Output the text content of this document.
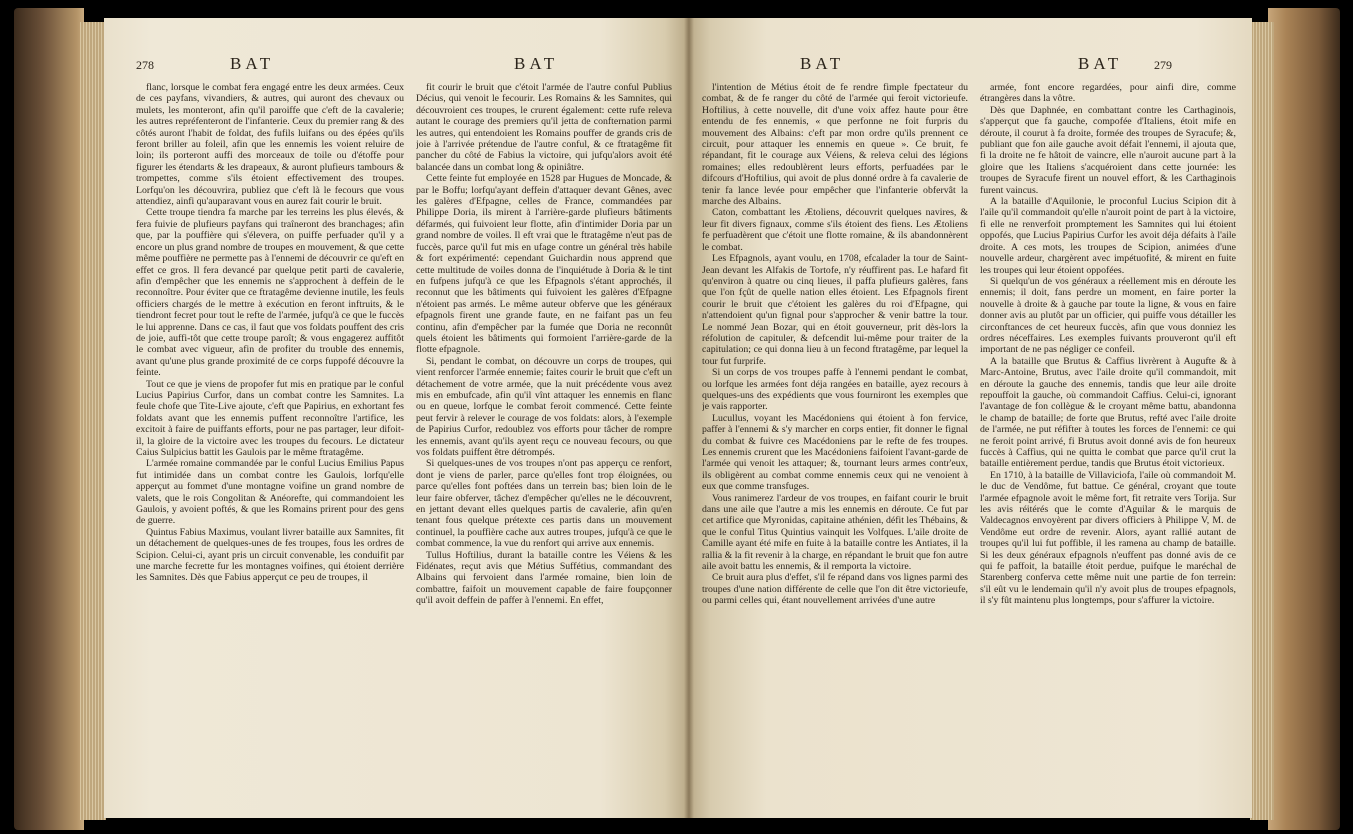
278	BAT	BAT

flanc, lorsque le combat fera engagé entre les deux armées. Ceux de ces payfans, vivandiers, & autres, qui auront des chevaux ou mulets, les monteront, afin qu'il paroiffe que c'eft de la cavalerie; les autres repréfenteront de l'infanterie. Ceux du premier rang & des côtés auront l'habit de foldat, des fufils luifans ou des épées qu'ils feront briller au foleil, afin que les ennemis les voient reluire de loin; ils porteront auffi des morceaux de toile ou d'étoffe pour figurer les étendarts & les drapeaux, & auront plufieurs tambours & trompettes, comme s'ils étoient effectivement des troupes. Lorfqu'on les découvrira, publiez que c'eft là le fecours que vous attendiez, ainfi qu'auparavant vous en aurez fait courir le bruit.

Cette troupe tiendra fa marche par les terreins les plus élevés, & fera fuivie de plufieurs payfans qui traîneront des branchages; afin que, par la pouffière qui s'élevera, on puiffe perfuader qu'il y a encore un plus grand nombre de troupes en mouvement, & que cette même pouffière ne permette pas à l'ennemi de découvrir ce qu'eft en effet ce gros. Il fera devancé par quelque petit parti de cavalerie, afin d'empêcher que les ennemis ne s'approchent à deffein de le reconnoître. Pour éviter que ce ftratagême devienne inutile, les feuls officiers chargés de le mettre à exécution en feront inftruits, & le tiendront fecret pour tout le refte de l'armée, jufqu'à ce que le fuccès le lui apprenne. Dans ce cas, il faut que vos foldats pouffent des cris de joie, auffi-tôt que cette troupe paroît; & vous engagerez auffitôt le combat avec vigueur, afin de profiter du trouble des ennemis, avant qu'une plus grande proximité de ce corps fuppofé découvre la feinte.

Tout ce que je viens de propofer fut mis en pratique par le conful Lucius Papirius Curfor, dans un combat contre les Samnites. La feule chofe que Tite-Live ajoute, c'eft que Papirius, en exhortant fes foldats avant que les ennemis puffent reconnoître l'artifice, les excitoit à faire de puiffants efforts, pour ne pas partager, leur difoit-il, la gloire de la victoire avec les troupes du fecours. Le dictateur Caius Sulpicius battit les Gaulois par le même ftratagême.

L'armée romaine commandée par le conful Lucius Emilius Papus fut intimidée dans un combat contre les Gaulois, lorfqu'elle apperçut au fommet d'une montagne voifine un grand nombre de valets, que le rois Congolitan & Anéorefte, qui commandoient les Gaulois, y avoient poftés, & que les Romains prirent pour des gens de guerre.

Quintus Fabius Maximus, voulant livrer bataille aux Samnites, fit un détachement de quelques-unes de fes troupes, fous les ordres de Scipion. Celui-ci, ayant pris un circuit convenable, les conduifit par une marche fecrette fur les montagnes voifines, qui étoient derrière les Samnites. Dès que Fabius apperçut ce peu de troupes, il

fit courir le bruit que c'étoit l'armée de l'autre conful Publius Décius, qui venoit le fecourir. Les Romains & les Samnites, qui découvroient ces troupes, le crurent également: cette rufe releva autant le courage des premiers qu'il jetta de confternation parmi les autres, qui entendoient les Romains pouffer de grands cris de joie à l'arrivée prétendue de l'autre conful, & ce ftratagême fit pancher du côté de Fabius la victoire, qui jufqu'alors avoit été balancée dans un combat long & opiniâtre.

Cette feinte fut employée en 1528 par Hugues de Moncade, & par le Boffu; lorfqu'ayant deffein d'attaquer devant Gênes, avec les galères d'Efpagne, celles de France, commandées par Philippe Doria, ils mirent à l'arrière-garde plufieurs bâtiments défarmés, qui fuivoient leur flotte, afin d'intimider Doria par un grand nombre de voiles. Il eft vrai que le ftratagême n'eut pas de fuccès, parce qu'il fut mis en ufage contre un général très habile & fort expérimenté: cependant Guichardin nous apprend que cette multitude de voiles donna de l'inquiétude à Doria & le tint en fufpens jufqu'à ce que les Efpagnols s'étant approchés, il reconnut que les bâtiments qui fuivoient les galères d'Efpagne n'étoient pas armés. Le même auteur obferve que les généraux efpagnols firent une grande faute, en ne faifant pas un feu continu, afin d'empêcher par la fumée que Doria ne reconnût quels étoient les bâtiments qui formoient l'arrière-garde de la flotte efpagnole.

Si, pendant le combat, on découvre un corps de troupes, qui vient renforcer l'armée ennemie; faites courir le bruit que c'eft un détachement de votre armée, que la nuit précédente vous avez mis en embufcade, afin qu'il vînt attaquer les ennemis en flanc ou en queue, lorfque le combat feroit commencé. Cette feinte peut fervir à relever le courage de vos foldats: alors, à l'exemple de Papirius Curfor, redoublez vos efforts pour tâcher de rompre les ennemis, avant qu'ils ayent reçu ce nouveau fecours, ou que vos foldats puiffent être détrompés.

Si quelques-unes de vos troupes n'ont pas apperçu ce renfort, dont je viens de parler, parce qu'elles font trop éloignées, ou parce qu'elles font poftées dans un terrein bas; bien loin de le leur faire obferver, tâchez d'empêcher qu'elles ne le découvrent, en jettant devant elles quelques partis de cavalerie, afin qu'en tenant fous quelque prétexte ces partis dans un mouvement continuel, la pouffière cache aux autres troupes, jufqu'à ce que le combat commence, la vue du renfort qui arrive aux ennemis.

Tullus Hoftilius, durant la bataille contre les Véiens & les Fidénates, reçut avis que Métius Suffétius, commandant des Albains qui fervoient dans l'armée romaine, bien loin de combattre, faifoit un mouvement capable de faire foupçonner qu'il avoit deffein de paffer à l'ennemi. En effet,

BAT	BAT	279

l'intention de Métius étoit de fe rendre fimple fpectateur du combat, & de fe ranger du côté de l'armée qui feroit victorieufe. Hoftilius, à cette nouvelle, dit d'une voix affez haute pour être entendu de fes ennemis, « que perfonne ne foit furpris du mouvement des Albains: c'eft par mon ordre qu'ils prennent ce circuit, pour attaquer les ennemis en queue ». Ce bruit, fe répandant, fit le courage aux Véiens, & releva celui des légions romaines; elles redoublèrent leurs efforts, perfuadées par le difcours d'Hoftilius, qui avoit de plus donné ordre à fa cavalerie de tenir fa lance levée pour empêcher que l'infanterie obfervât la marche des Albains.

Caton, combattant les Ætoliens, découvrit quelques navires, & leur fit divers fignaux, comme s'ils étoient des fiens. Les Ætoliens fe perfuadèrent que c'étoit une flotte romaine, & ils abandonnèrent le combat.

Les Efpagnols, ayant voulu, en 1708, efcalader la tour de Saint-Jean devant les Alfakis de Tortofe, n'y réuffirent pas. Le hafard fit qu'environ à quatre ou cinq lieues, il paffa plufieurs galères, fans que l'on fçût de quelle nation elles étoient. Les Efpagnols firent courir le bruit que c'étoient les galères du roi d'Efpagne, qui n'attendoient qu'un fignal pour s'approcher & venir battre la tour. Le nommé Jean Bozar, qui en étoit gouverneur, prit dès-lors la réfolution de capituler, & defcendit lui-même pour traiter de la capitulation; ce qui donna lieu à un fecond ftratagême, par lequel la tour fut furprife.

Si un corps de vos troupes paffe à l'ennemi pendant le combat, ou lorfque les armées font déja rangées en bataille, ayez recours à quelques-uns des expédients que vous fourniront les exemples que je vais rapporter.

Lucullus, voyant les Macédoniens qui étoient à fon fervice, paffer à l'ennemi & s'y marcher en corps entier, fit donner le fignal du combat & fuivre ces Macédoniens par le refte de fes troupes. Les ennemis crurent que les Macédoniens faifoient l'avant-garde de l'armée qui venoit les attaquer; &, tournant leurs armes contr'eux, ils obligèrent au combat comme ennemis ceux qui ne venoient à eux que comme transfuges.

Vous ranimerez l'ardeur de vos troupes, en faifant courir le bruit dans une aile que l'autre a mis les ennemis en déroute. Ce fut par cet artifice que Myronidas, capitaine athénien, défit les Thébains, & que le conful Titus Quintius vainquit les Volfques. L'aile droite de Camille ayant été mife en fuite à la bataille contre les Antiates, il la rallia & la fit revenir à la charge, en répandant le bruit que fon autre aile avoit battu les ennemis, & il remporta la victoire.

Ce bruit aura plus d'effet, s'il fe répand dans vos lignes parmi des troupes d'une nation différente de celle que l'on dit être victorieufe, ou parmi celles qui, étant nouvellement arrivées d'une autre

armée, font encore regardées, pour ainfi dire, comme étrangères dans la vôtre.

Dès que Daphnée, en combattant contre les Carthaginois, s'apperçut que fa gauche, compofée d'Italiens, étoit mife en déroute, il courut à fa droite, formée des troupes de Syracufe; &, publiant que fon aile gauche avoit défait l'ennemi, il ajouta que, fi la droite ne fe hâtoit de vaincre, elle n'auroit aucune part à la gloire que les Italiens s'acquéroient dans cette journée: les troupes de Syracufe firent un nouvel effort, & les Carthaginois furent vaincus.

A la bataille d'Aquilonie, le proconful Lucius Scipion dit à l'aile qu'il commandoit qu'elle n'auroit point de part à la victoire, fi elle ne renverfoit promptement les Samnites qui lui étoient oppofés, que Lucius Papirius Curfor les avoit déja défaits à l'aile droite. A ces mots, les troupes de Scipion, animées d'une nouvelle ardeur, chargèrent avec impétuofité, & mirent en fuite les troupes qui leur étoient oppofées.

Si quelqu'un de vos généraux a réellement mis en déroute les ennemis; il doit, fans perdre un moment, en faire porter la nouvelle à droite & à gauche par toute la ligne, & vous en faire donner avis au plutôt par un officier, qui puiffe vous détailler les circonftances de cet heureux fuccès, afin que vous donniez les ordres néceffaires. Les exemples fuivants prouveront qu'il eft important de ne pas négliger ce confeil.

A la bataille que Brutus & Caffius livrèrent à Augufte & à Marc-Antoine, Brutus, avec l'aile droite qu'il commandoit, mit en déroute la gauche des ennemis, tandis que leur aile droite repouffoit la gauche, où commandoit Caffius. Celui-ci, ignorant l'avantage de fon collègue & le croyant même battu, abandonna le champ de bataille; de forte que Brutus, refté avec l'aile droite de l'armée, ne put réfifter à toutes les forces de l'ennemi: ce qui ne feroit point arrivé, fi Brutus avoit donné avis de fon heureux fuccès à Caffius, qui ne quitta le combat que parce qu'il crut la bataille entièrement perdue, tandis que Brutus étoit victorieux.

En 1710, à la bataille de Villaviciofa, l'aile où commandoit M. le duc de Vendôme, fut battue. Ce général, croyant que toute l'armée efpagnole avoit le même fort, fit retraite vers Torija. Sur les avis réitérés que le comte d'Aguilar & le marquis de Valdecagnos envoyèrent par divers officiers à Philippe V, M. de Vendôme eut ordre de revenir. Alors, ayant rallié autant de troupes qu'il lui fut poffible, il les ramena au champ de bataille. Si les deux généraux efpagnols n'euffent pas donné avis de ce qui fe paffoit, la bataille étoit perdue, puifque le maréchal de Starenberg conferva cette même nuit une partie de fon terrein: s'il eût vu le lendemain qu'il n'y avoit plus de troupes efpagnols, il s'y fût maintenu plus longtemps, pour s'affurer la victoire.
